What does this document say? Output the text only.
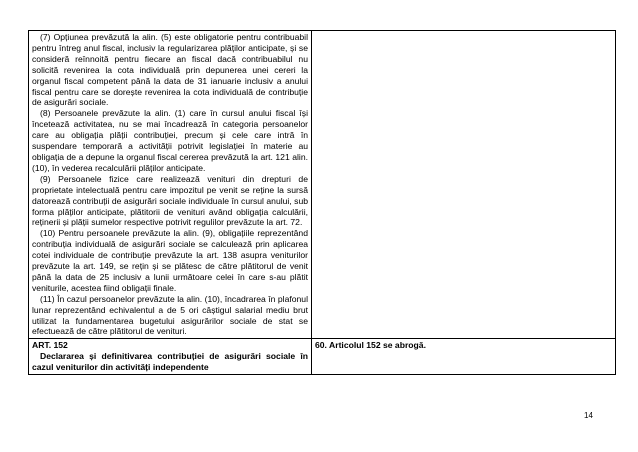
(7) Opțiunea prevăzută la alin. (5) este obligatorie pentru contribuabil pentru întreg anul fiscal, inclusiv la regularizarea plăților anticipate, și se consideră reînnoită pentru fiecare an fiscal dacă contribuabilul nu solicită revenirea la cota individuală prin depunerea unei cereri la organul fiscal competent până la data de 31 ianuarie inclusiv a anului fiscal pentru care se dorește revenirea la cota individuală de contribuție de asigurări sociale.

(8) Persoanele prevăzute la alin. (1) care în cursul anului fiscal își încetează activitatea, nu se mai încadrează în categoria persoanelor care au obligația plății contribuției, precum și cele care intră în suspendare temporară a activității potrivit legislației în materie au obligația de a depune la organul fiscal cererea prevăzută la art. 121 alin. (10), în vederea recalculării plăților anticipate.

(9) Persoanele fizice care realizează venituri din drepturi de proprietate intelectuală pentru care impozitul pe venit se reține la sursă datorează contribuții de asigurări sociale individuale în cursul anului, sub forma plăților anticipate, plătitorii de venituri având obligația calculării, reținerii și plății sumelor respective potrivit regulilor prevăzute la art. 72.

(10) Pentru persoanele prevăzute la alin. (9), obligațiile reprezentând contribuția individuală de asigurări sociale se calculează prin aplicarea cotei individuale de contribuție prevăzute la art. 138 asupra veniturilor prevăzute la art. 149, se rețin și se plătesc de către plătitorul de venit până la data de 25 inclusiv a lunii următoare celei în care s-au plătit veniturile, acestea fiind obligații finale.

(11) În cazul persoanelor prevăzute la alin. (10), încadrarea în plafonul lunar reprezentând echivalentul a de 5 ori câștigul salarial mediu brut utilizat la fundamentarea bugetului asigurărilor sociale de stat se efectuează de către plătitorul de venituri.	

ART. 152

Declararea și definitivarea contribuției de asigurări sociale în cazul veniturilor din activități independente	60. Articolul 152 se abrogă.

14
